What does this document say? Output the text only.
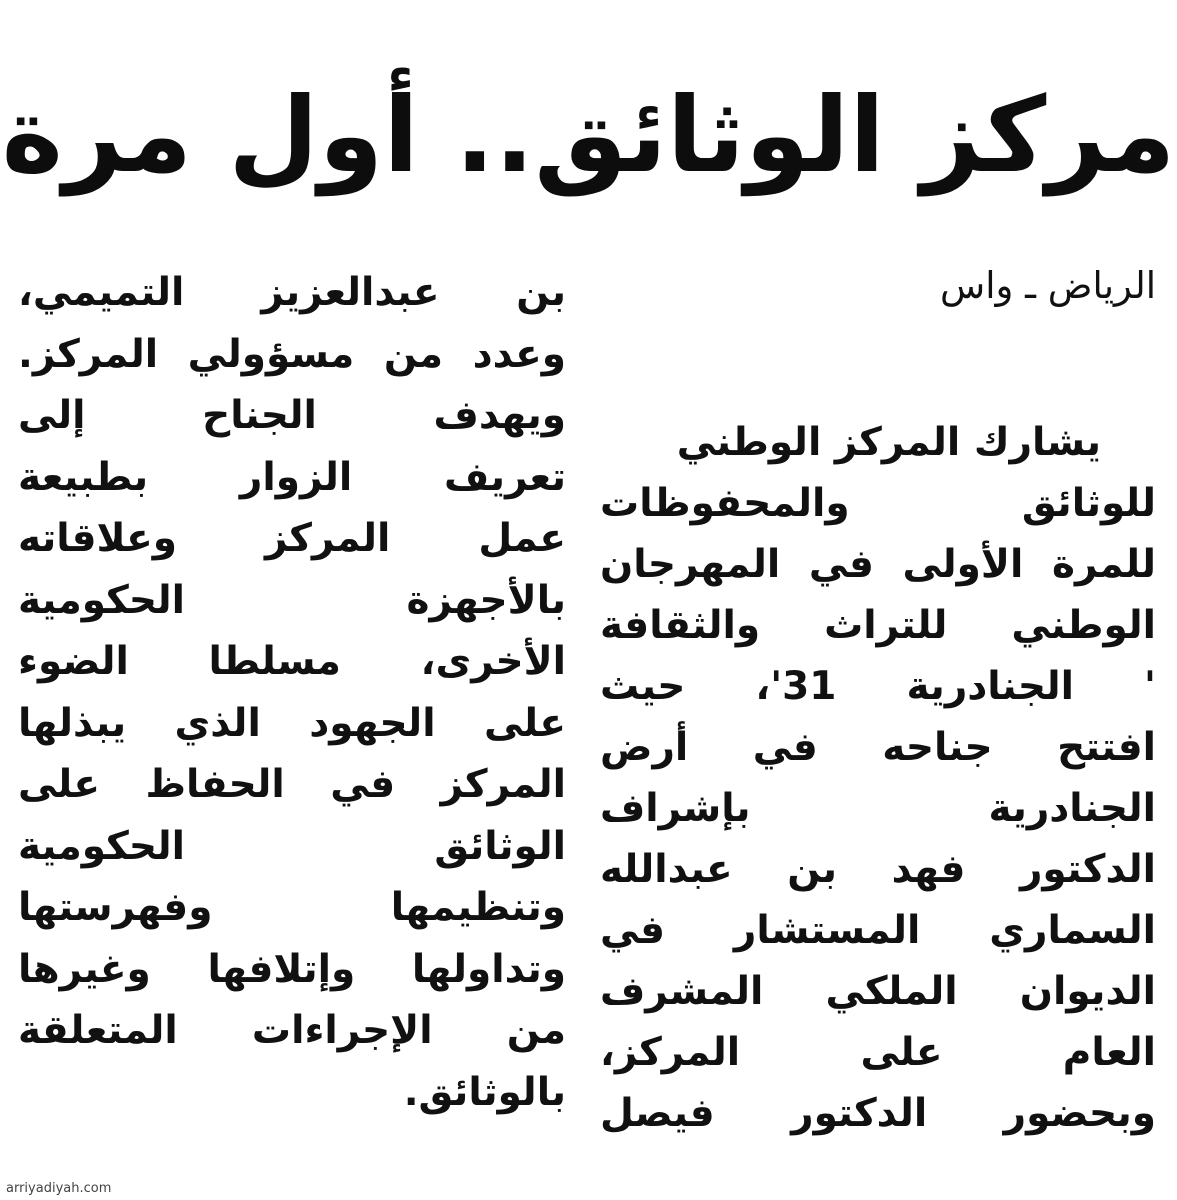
مركز الوثائق.. أول مرة
الرياض ـ واس
يشارك المركز الوطني
للوثائق والمحفوظات
للمرة الأولى في المهرجان
الوطني للتراث والثقافة
' الجنادرية 31'، حيث
افتتح جناحه في أرض
الجنادرية بإشراف
الدكتور فهد بن عبدالله
السماري المستشار في
الديوان الملكي المشرف
العام على المركز،
وبحضور الدكتور فيصل
بن عبدالعزيز التميمي،
وعدد من مسؤولي المركز.
ويهدف الجناح إلى
تعريف الزوار بطبيعة
عمل المركز وعلاقاته
بالأجهزة الحكومية
الأخرى، مسلطا الضوء
على الجهود الذي يبذلها
المركز في الحفاظ على
الوثائق الحكومية
وتنظيمها وفهرستها
وتداولها وإتلافها وغيرها
من الإجراءات المتعلقة
بالوثائق.
arriyadiyah.com
